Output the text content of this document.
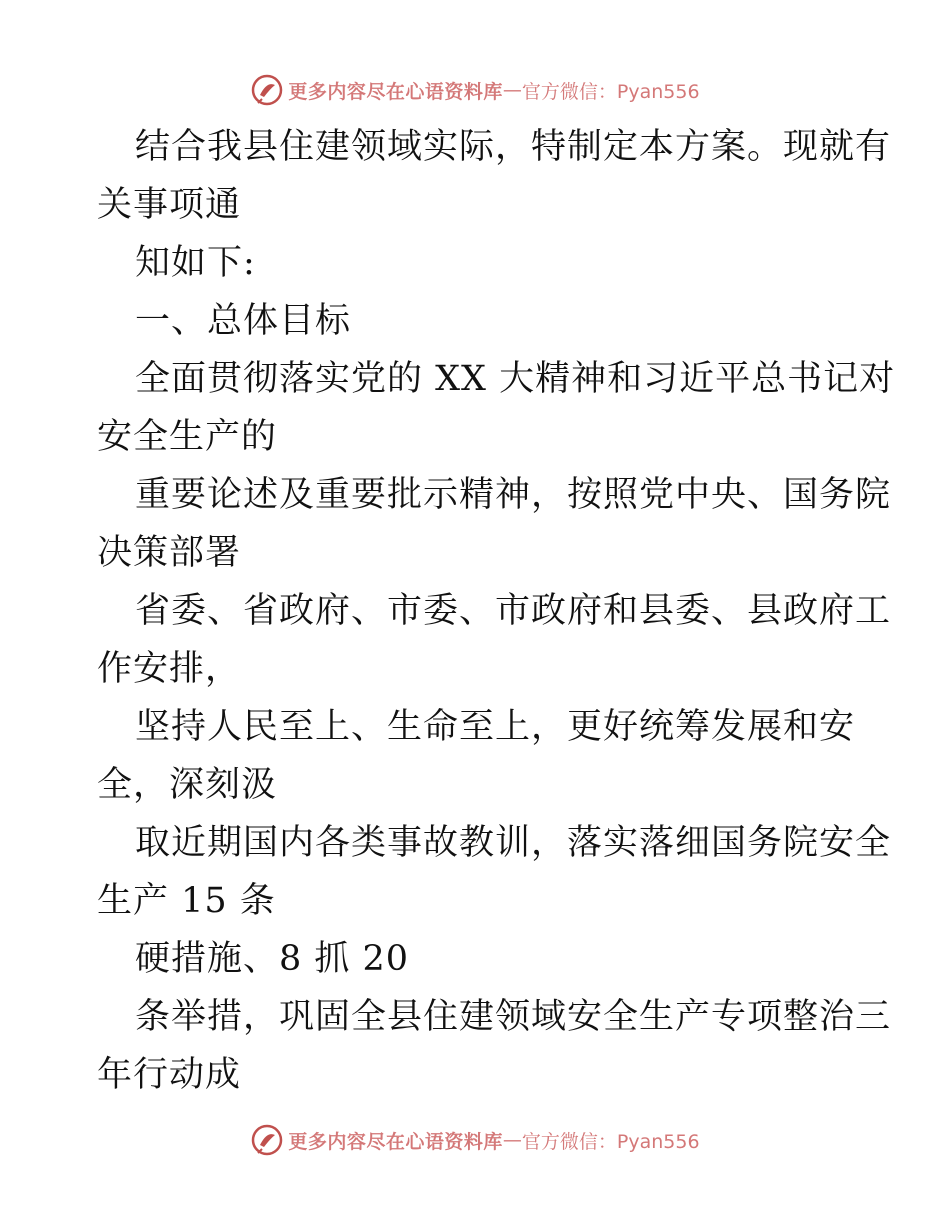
更多内容尽在心语资料库 — 官方微信：Pyan556
结合我县住建领域实际，特制定本方案。现就有
关事项通
知如下:
一、总体目标
全面贯彻落实党的 XX 大精神和习近平总书记对
安全生产的
重要论述及重要批示精神，按照党中央、国务院
决策部署
省委、省政府、市委、市政府和县委、县政府工
作安排，
坚持人民至上、生命至上，更好统筹发展和安
全，深刻汲
取近期国内各类事故教训，落实落细国务院安全
生产 15 条
硬措施、8 抓 20
条举措，巩固全县住建领域安全生产专项整治三
年行动成
更多内容尽在心语资料库 — 官方微信：Pyan556
